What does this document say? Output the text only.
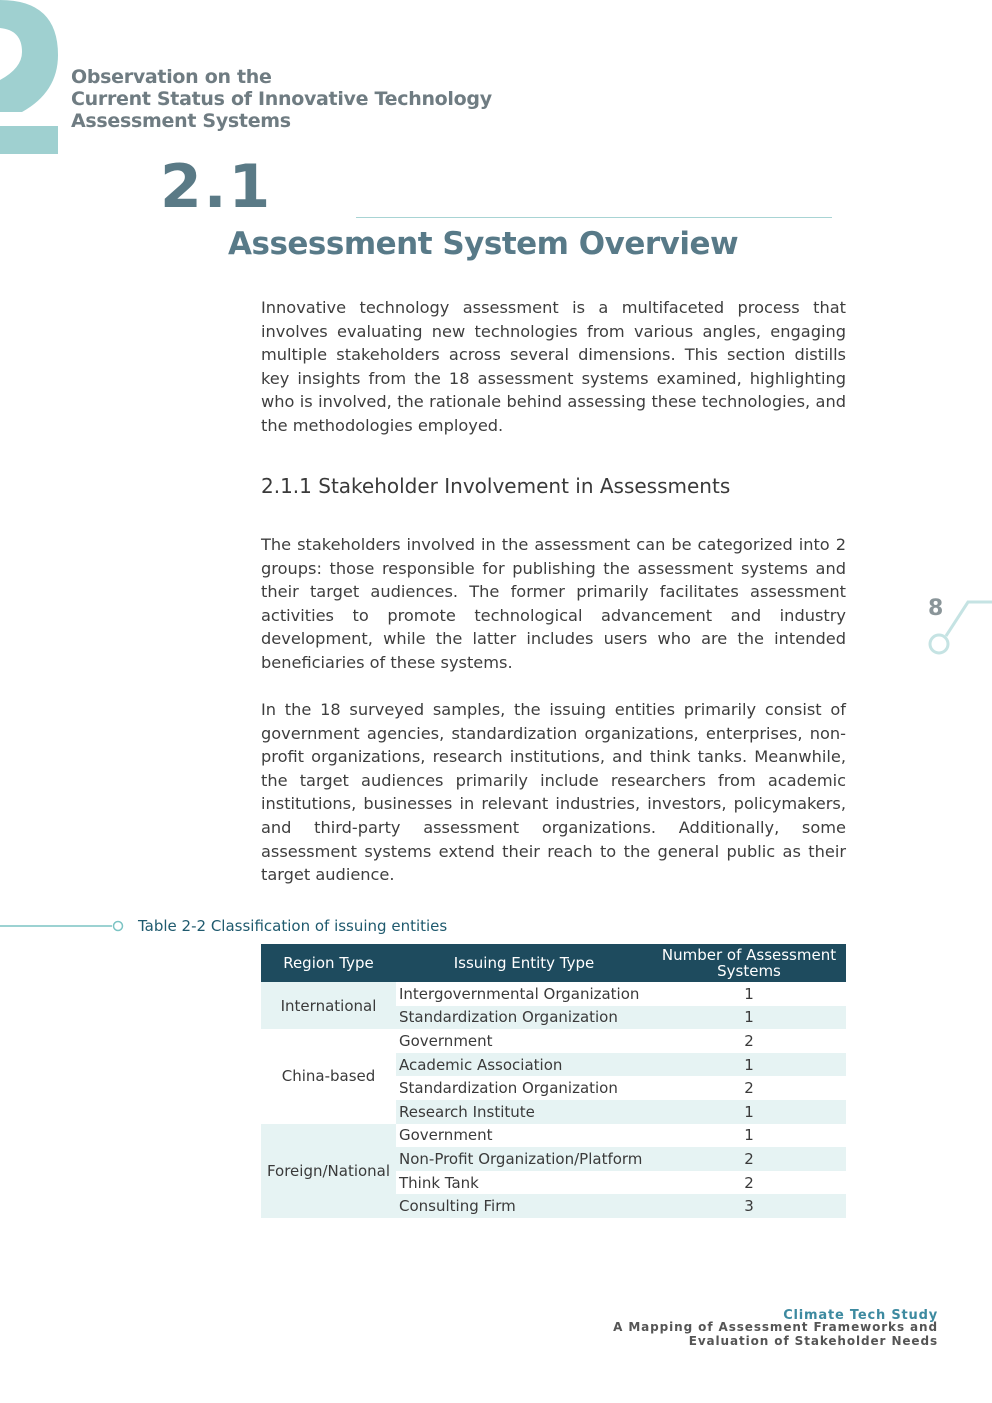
Observation on the
Current Status of Innovative Technology
Assessment Systems
2.1
Assessment System Overview

Innovative technology assessment is a multifaceted process that involves evaluating new technologies from various angles, engaging multiple stakeholders across several dimensions. This section distills key insights from the 18 assessment systems examined, highlighting who is involved, the rationale behind assessing these technologies, and the methodologies employed.

2.1.1 Stakeholder Involvement in Assessments

The stakeholders involved in the assessment can be categorized into 2 groups: those responsible for publishing the assessment systems and their target audiences. The former primarily facilitates assessment activities to promote technological advancement and industry development, while the latter includes users who are the intended beneficiaries of these systems.

In the 18 surveyed samples, the issuing entities primarily consist of government agencies, standardization organizations, enterprises, non-profit organizations, research institutions, and think tanks. Meanwhile, the target audiences primarily include researchers from academic institutions, businesses in relevant industries, investors, policymakers, and third-party assessment organizations. Additionally, some assessment systems extend their reach to the general public as their target audience.

8
Table 2-2 Classification of issuing entities
Region Type	Issuing Entity Type	Number of Assessment Systems
International	Intergovernmental Organization	1
	Standardization Organization	1
China-based	Government	2
	Academic Association	1
	Standardization Organization	2
	Research Institute	1
Foreign/National	Government	1
	Non-Profit Organization/Platform	2
	Think Tank	2
	Consulting Firm	3
Climate Tech Study
A Mapping of Assessment Frameworks and
Evaluation of Stakeholder Needs
